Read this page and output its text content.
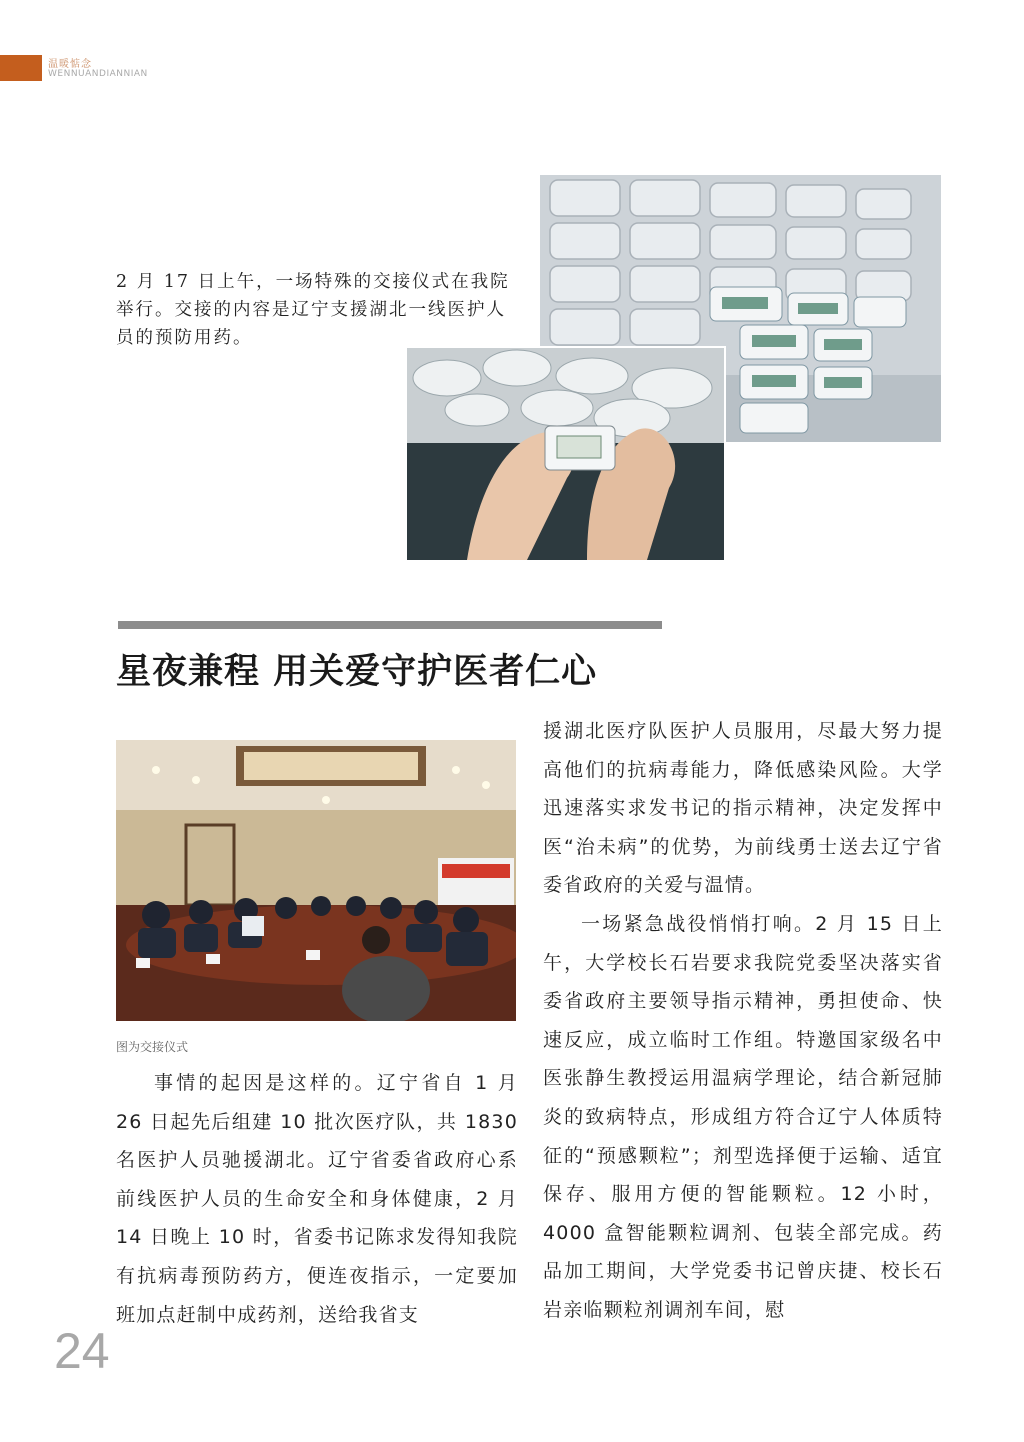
温暖惦念
WENNUANDIANNIAN
2 月 17 日上午，一场特殊的交接仪式在我院举行。交接的内容是辽宁支援湖北一线医护人员的预防用药。
星夜兼程 用关爱守护医者仁心
图为交接仪式

事情的起因是这样的。辽宁省自 1 月 26 日起先后组建 10 批次医疗队，共 1830 名医护人员驰援湖北。辽宁省委省政府心系前线医护人员的生命安全和身体健康，2 月 14 日晚上 10 时，省委书记陈求发得知我院有抗病毒预防药方，便连夜指示，一定要加班加点赶制中成药剂，送给我省支

援湖北医疗队医护人员服用，尽最大努力提高他们的抗病毒能力，降低感染风险。大学迅速落实求发书记的指示精神，决定发挥中医“治未病”的优势，为前线勇士送去辽宁省委省政府的关爱与温情。

一场紧急战役悄悄打响。2 月 15 日上午，大学校长石岩要求我院党委坚决落实省委省政府主要领导指示精神，勇担使命、快速反应，成立临时工作组。特邀国家级名中医张静生教授运用温病学理论，结合新冠肺炎的致病特点，形成组方符合辽宁人体质特征的“预感颗粒”；剂型选择便于运输、适宜保存、服用方便的智能颗粒。12 小时，4000 盒智能颗粒调剂、包装全部完成。药品加工期间，大学党委书记曾庆捷、校长石岩亲临颗粒剂调剂车间，慰

24
